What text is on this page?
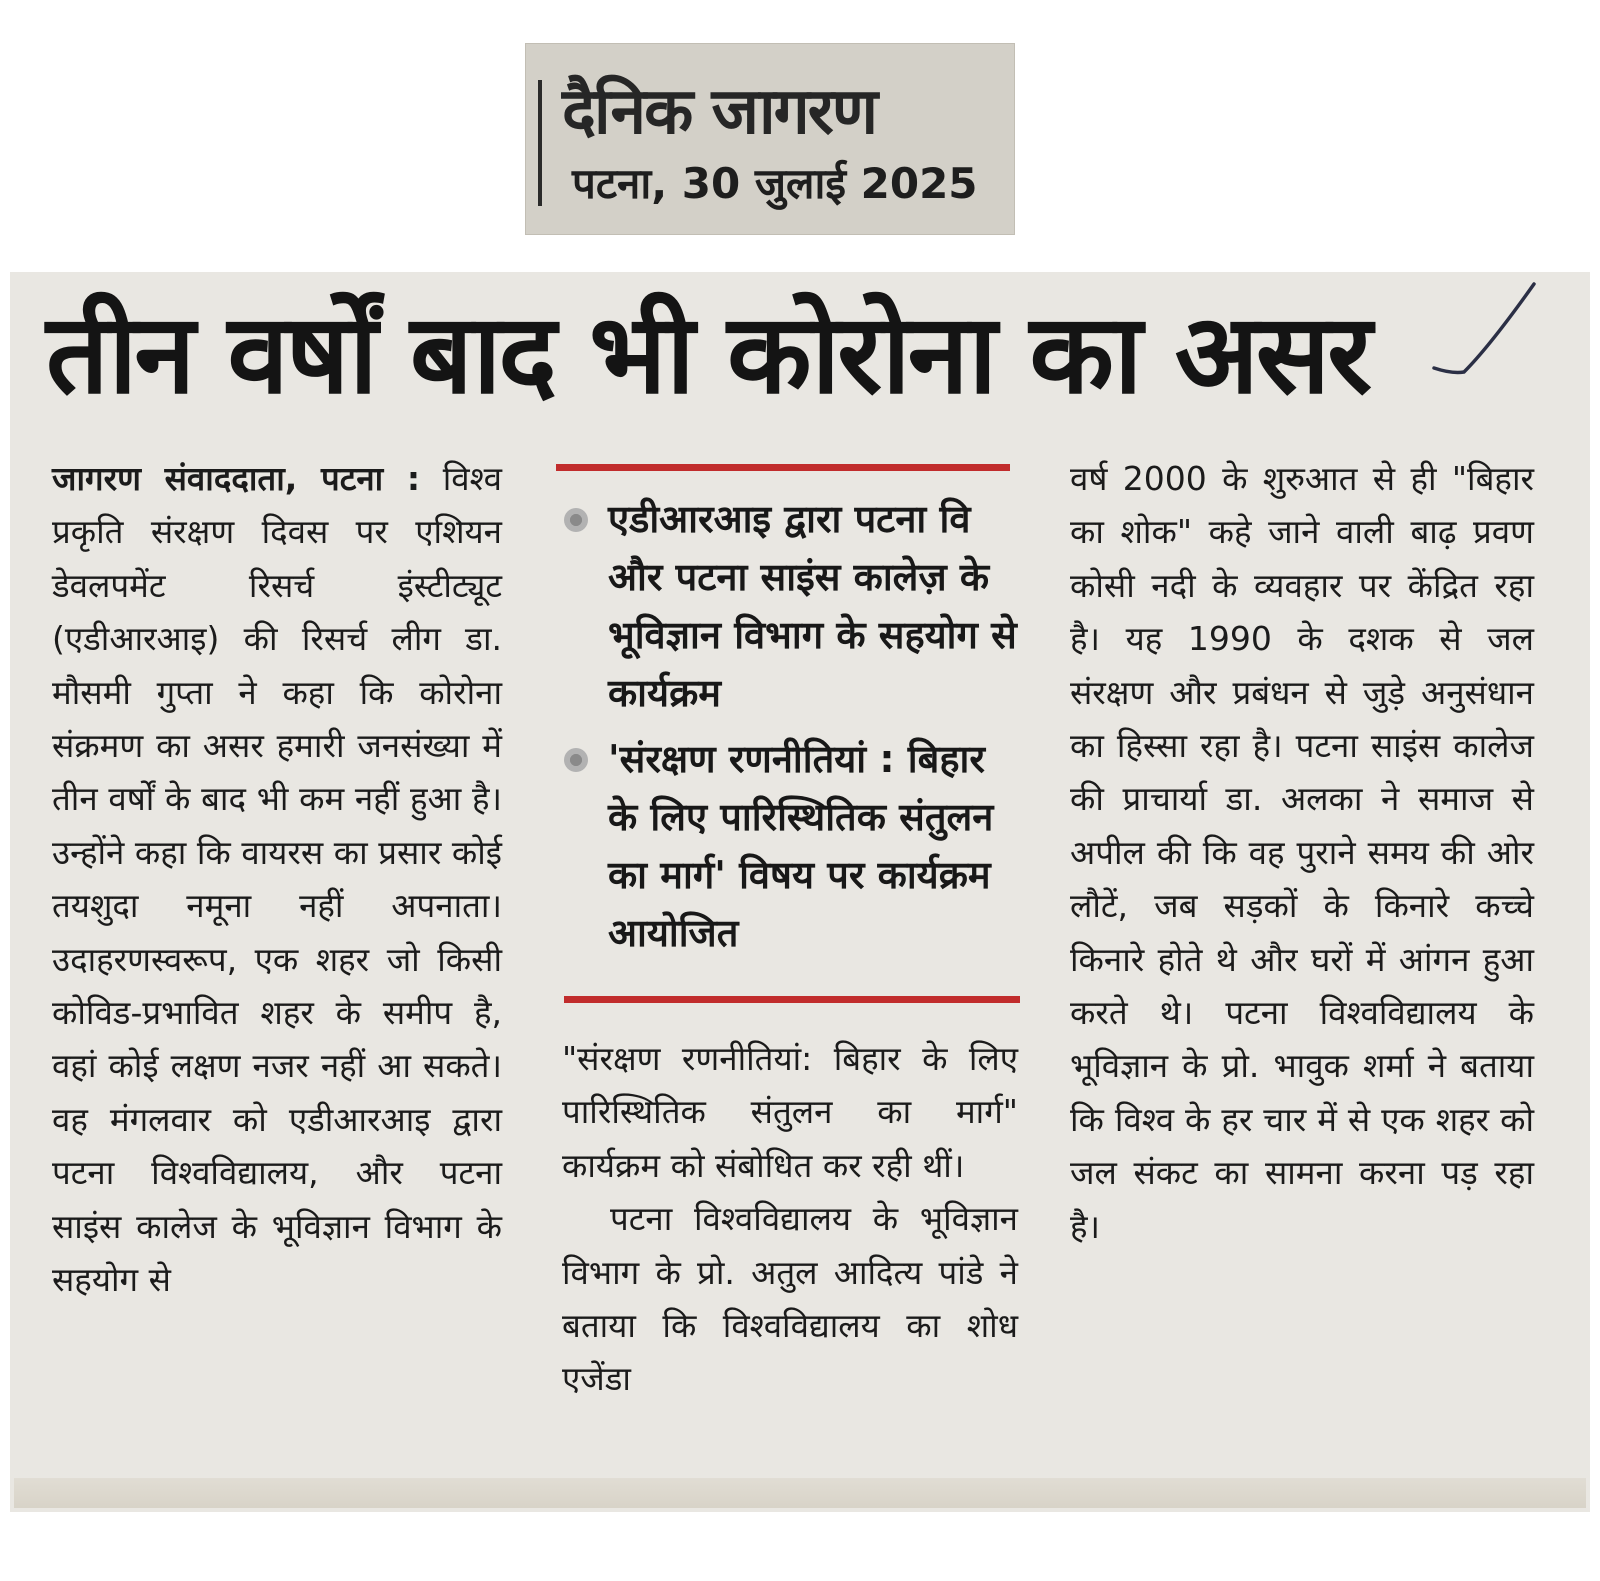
दैनिक जागरण
पटना, 30 जुलाई 2025
तीन वर्षों बाद भी कोरोना का असर

जागरण संवाददाता, पटना : विश्व प्रकृति संरक्षण दिवस पर एशियन डेवलपमेंट रिसर्च इंस्टीट्यूट (एडीआरआइ) की रिसर्च लीग डा. मौसमी गुप्ता ने कहा कि कोरोना संक्रमण का असर हमारी जनसंख्या में तीन वर्षों के बाद भी कम नहीं हुआ है। उन्होंने कहा कि वायरस का प्रसार कोई तयशुदा नमूना नहीं अपनाता। उदाहरणस्वरूप, एक शहर जो किसी कोविड-प्रभावित शहर के समीप है, वहां कोई लक्षण नजर नहीं आ सकते। वह मंगलवार को एडीआरआइ द्वारा पटना विश्वविद्यालय, और पटना साइंस कालेज के भूविज्ञान विभाग के सहयोग से

एडीआरआइ द्वारा पटना वि और पटना साइंस कालेज़ के भूविज्ञान विभाग के सहयोग से कार्यक्रम
'संरक्षण रणनीतियां : बिहार के लिए पारिस्थितिक संतुलन का मार्ग' विषय पर कार्यक्रम आयोजित

"संरक्षण रणनीतियां: बिहार के लिए पारिस्थितिक संतुलन का मार्ग" कार्यक्रम को संबोधित कर रही थीं।

पटना विश्वविद्यालय के भूविज्ञान विभाग के प्रो. अतुल आदित्य पांडे ने बताया कि विश्वविद्यालय का शोध एजेंडा

वर्ष 2000 के शुरुआत से ही "बिहार का शोक" कहे जाने वाली बाढ़ प्रवण कोसी नदी के व्यवहार पर केंद्रित रहा है। यह 1990 के दशक से जल संरक्षण और प्रबंधन से जुड़े अनुसंधान का हिस्सा रहा है। पटना साइंस कालेज की प्राचार्या डा. अलका ने समाज से अपील की कि वह पुराने समय की ओर लौटें, जब सड़कों के किनारे कच्चे किनारे होते थे और घरों में आंगन हुआ करते थे। पटना विश्वविद्यालय के भूविज्ञान के प्रो. भावुक शर्मा ने बताया कि विश्व के हर चार में से एक शहर को जल संकट का सामना करना पड़ रहा है।
